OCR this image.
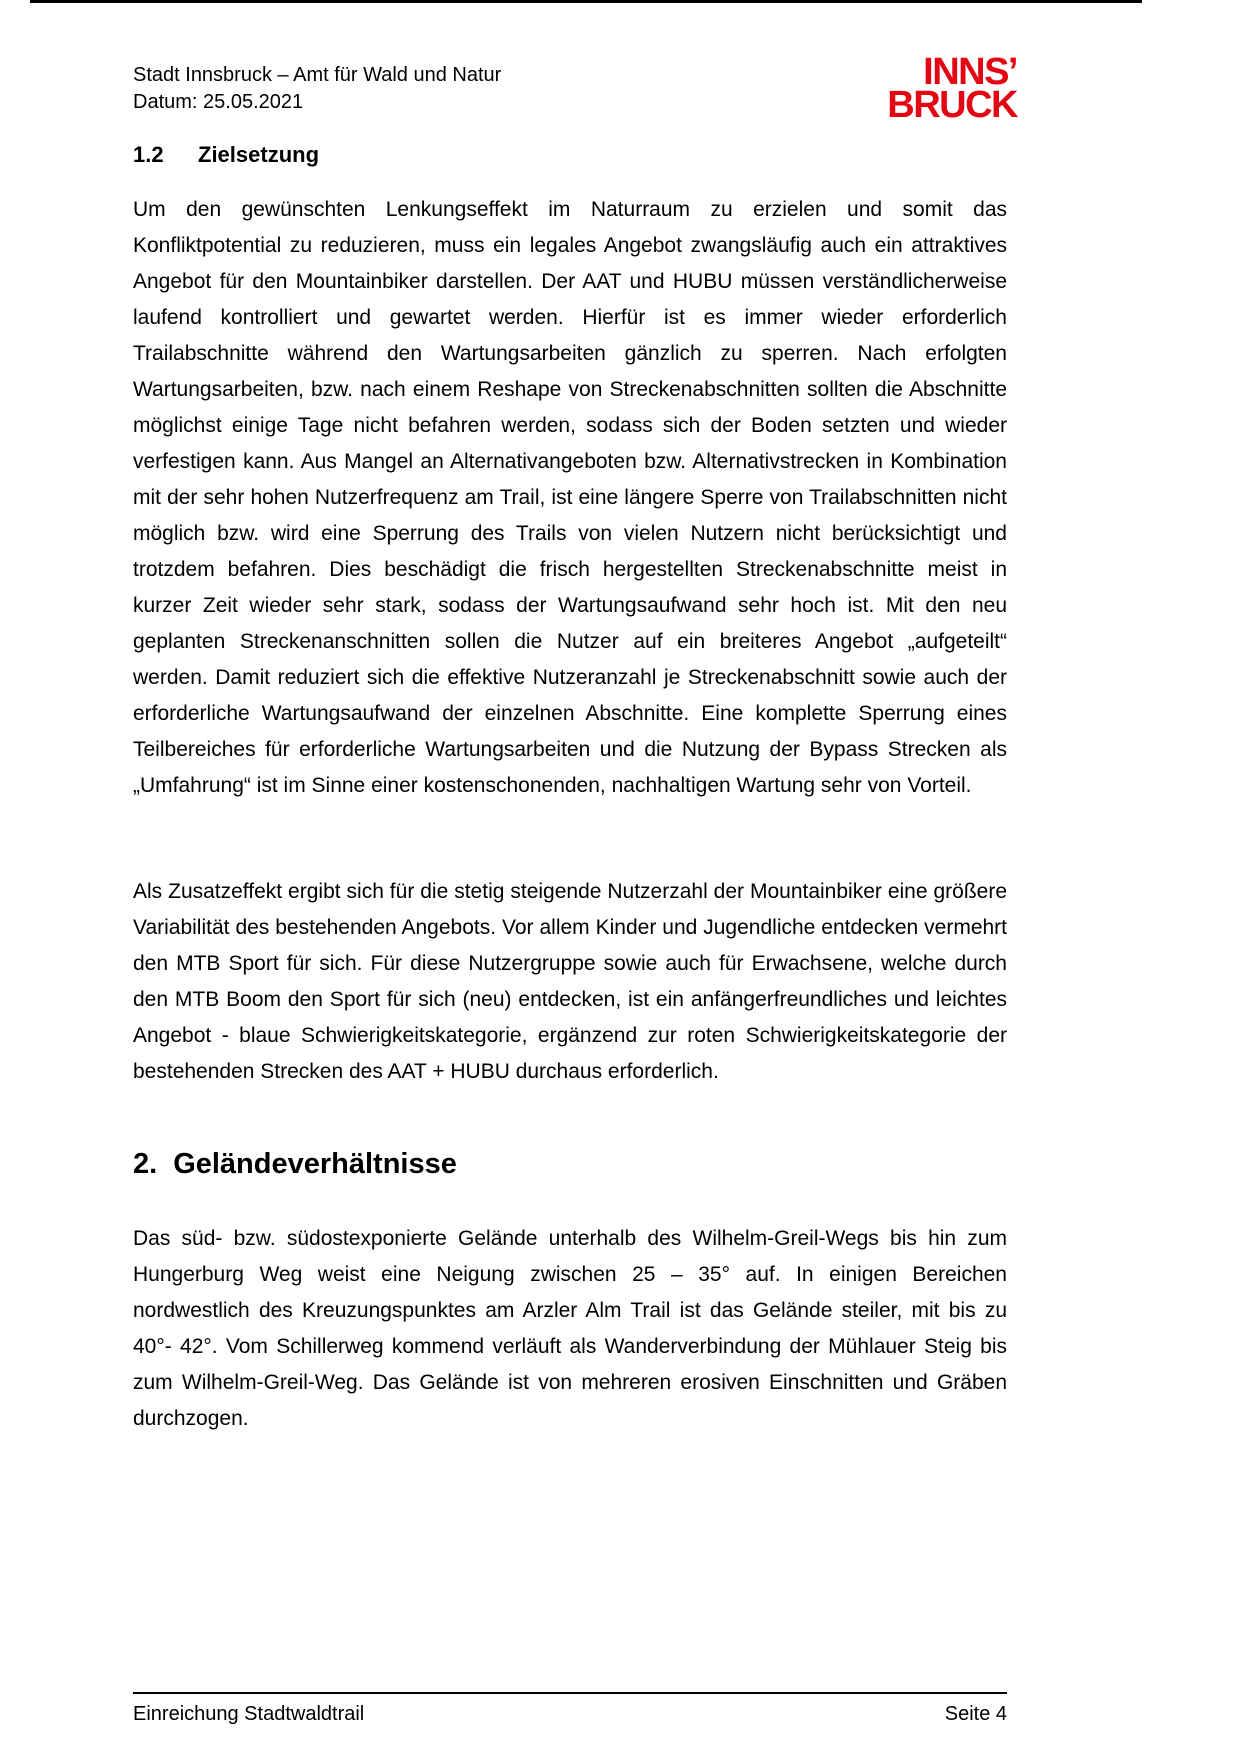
INNS’
BRUCK
Stadt Innsbruck – Amt für Wald und Natur
Datum: 25.05.2021
1.2	Zielsetzung

Um den gewünschten Lenkungseffekt im Naturraum zu erzielen und somit das Konfliktpotential zu reduzieren, muss ein legales Angebot zwangsläufig auch ein attraktives Angebot für den Mountainbiker darstellen. Der AAT und HUBU müssen verständlicherweise laufend kontrolliert und gewartet werden. Hierfür ist es immer wieder erforderlich Trailabschnitte während den Wartungsarbeiten gänzlich zu sperren. Nach erfolgten Wartungsarbeiten, bzw. nach einem Reshape von Streckenabschnitten sollten die Abschnitte möglichst einige Tage nicht befahren werden, sodass sich der Boden setzten und wieder verfestigen kann. Aus Mangel an Alternativangeboten bzw. Alternativstrecken in Kombination mit der sehr hohen Nutzerfrequenz am Trail, ist eine längere Sperre von Trailabschnitten nicht möglich bzw. wird eine Sperrung des Trails von vielen Nutzern nicht berücksichtigt und trotzdem befahren. Dies beschädigt die frisch hergestellten Streckenabschnitte meist in kurzer Zeit wieder sehr stark, sodass der Wartungsaufwand sehr hoch ist. Mit den neu geplanten Streckenanschnitten sollen die Nutzer auf ein breiteres Angebot „aufgeteilt“ werden. Damit reduziert sich die effektive Nutzeranzahl je Streckenabschnitt sowie auch der erforderliche Wartungsaufwand der einzelnen Abschnitte. Eine komplette Sperrung eines Teilbereiches für erforderliche Wartungsarbeiten und die Nutzung der Bypass Strecken als „Umfahrung“ ist im Sinne einer kostenschonenden, nachhaltigen Wartung sehr von Vorteil.

Als Zusatzeffekt ergibt sich für die stetig steigende Nutzerzahl der Mountainbiker eine größere Variabilität des bestehenden Angebots. Vor allem Kinder und Jugendliche entdecken vermehrt den MTB Sport für sich. Für diese Nutzergruppe sowie auch für Erwachsene, welche durch den MTB Boom den Sport für sich (neu) entdecken, ist ein anfängerfreundliches und leichtes Angebot - blaue Schwierigkeitskategorie, ergänzend zur roten Schwierigkeitskategorie der bestehenden Strecken des AAT + HUBU durchaus erforderlich.

2. Geländeverhältnisse

Das süd- bzw. südostexponierte Gelände unterhalb des Wilhelm-Greil-Wegs bis hin zum Hungerburg Weg weist eine Neigung zwischen 25 – 35° auf. In einigen Bereichen nordwestlich des Kreuzungspunktes am Arzler Alm Trail ist das Gelände steiler, mit bis zu 40°- 42°. Vom Schillerweg kommend verläuft als Wanderverbindung der Mühlauer Steig bis zum Wilhelm-Greil-Weg. Das Gelände ist von mehreren erosiven Einschnitten und Gräben durchzogen.

Einreichung Stadtwaldtrail	Seite 4
